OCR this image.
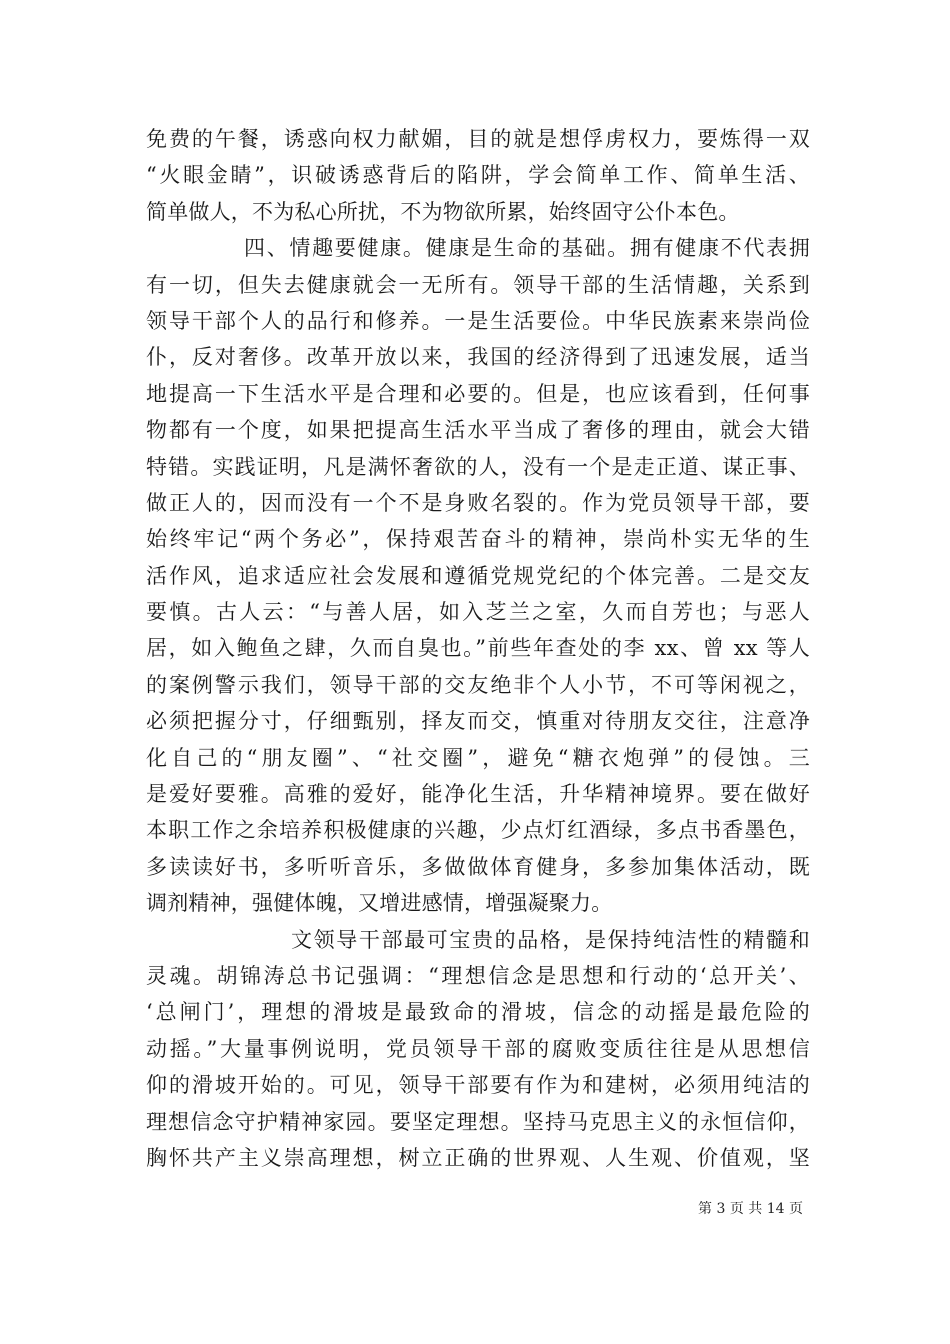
免费的午餐，诱惑向权力献媚，目的就是想俘虏权力，要炼得一双
“火眼金睛”，识破诱惑背后的陷阱，学会简单工作、简单生活、
简单做人，不为私心所扰，不为物欲所累，始终固守公仆本色。
四、情趣要健康。健康是生命的基础。拥有健康不代表拥
有一切，但失去健康就会一无所有。领导干部的生活情趣，关系到
领导干部个人的品行和修养。一是生活要俭。中华民族素来崇尚俭
仆，反对奢侈。改革开放以来，我国的经济得到了迅速发展，适当
地提高一下生活水平是合理和必要的。但是，也应该看到，任何事
物都有一个度，如果把提高生活水平当成了奢侈的理由，就会大错
特错。实践证明，凡是满怀奢欲的人，没有一个是走正道、谋正事、
做正人的，因而没有一个不是身败名裂的。作为党员领导干部，要
始终牢记“两个务必”，保持艰苦奋斗的精神，崇尚朴实无华的生
活作风，追求适应社会发展和遵循党规党纪的个体完善。二是交友
要慎。古人云：“与善人居，如入芝兰之室，久而自芳也；与恶人
居，如入鲍鱼之肆，久而自臭也。”前些年查处的李 xx、曾 xx 等人
的案例警示我们，领导干部的交友绝非个人小节，不可等闲视之，
必须把握分寸，仔细甄别，择友而交，慎重对待朋友交往，注意净
化自己的“朋友圈”、“社交圈”，避免“糖衣炮弹”的侵蚀。三
是爱好要雅。高雅的爱好，能净化生活，升华精神境界。要在做好
本职工作之余培养积极健康的兴趣，少点灯红酒绿，多点书香墨色，
多读读好书，多听听音乐，多做做体育健身，多参加集体活动，既
调剂精神，强健体魄，又增进感情，增强凝聚力。
文领导干部最可宝贵的品格，是保持纯洁性的精髓和
灵魂。胡锦涛总书记强调：“理想信念是思想和行动的‘总开关’、
‘总闸门’，理想的滑坡是最致命的滑坡，信念的动摇是最危险的
动摇。”大量事例说明，党员领导干部的腐败变质往往是从思想信
仰的滑坡开始的。可见，领导干部要有作为和建树，必须用纯洁的
理想信念守护精神家园。要坚定理想。坚持马克思主义的永恒信仰，
胸怀共产主义崇高理想，树立正确的世界观、人生观、价值观，坚
第 3 页 共 14 页
